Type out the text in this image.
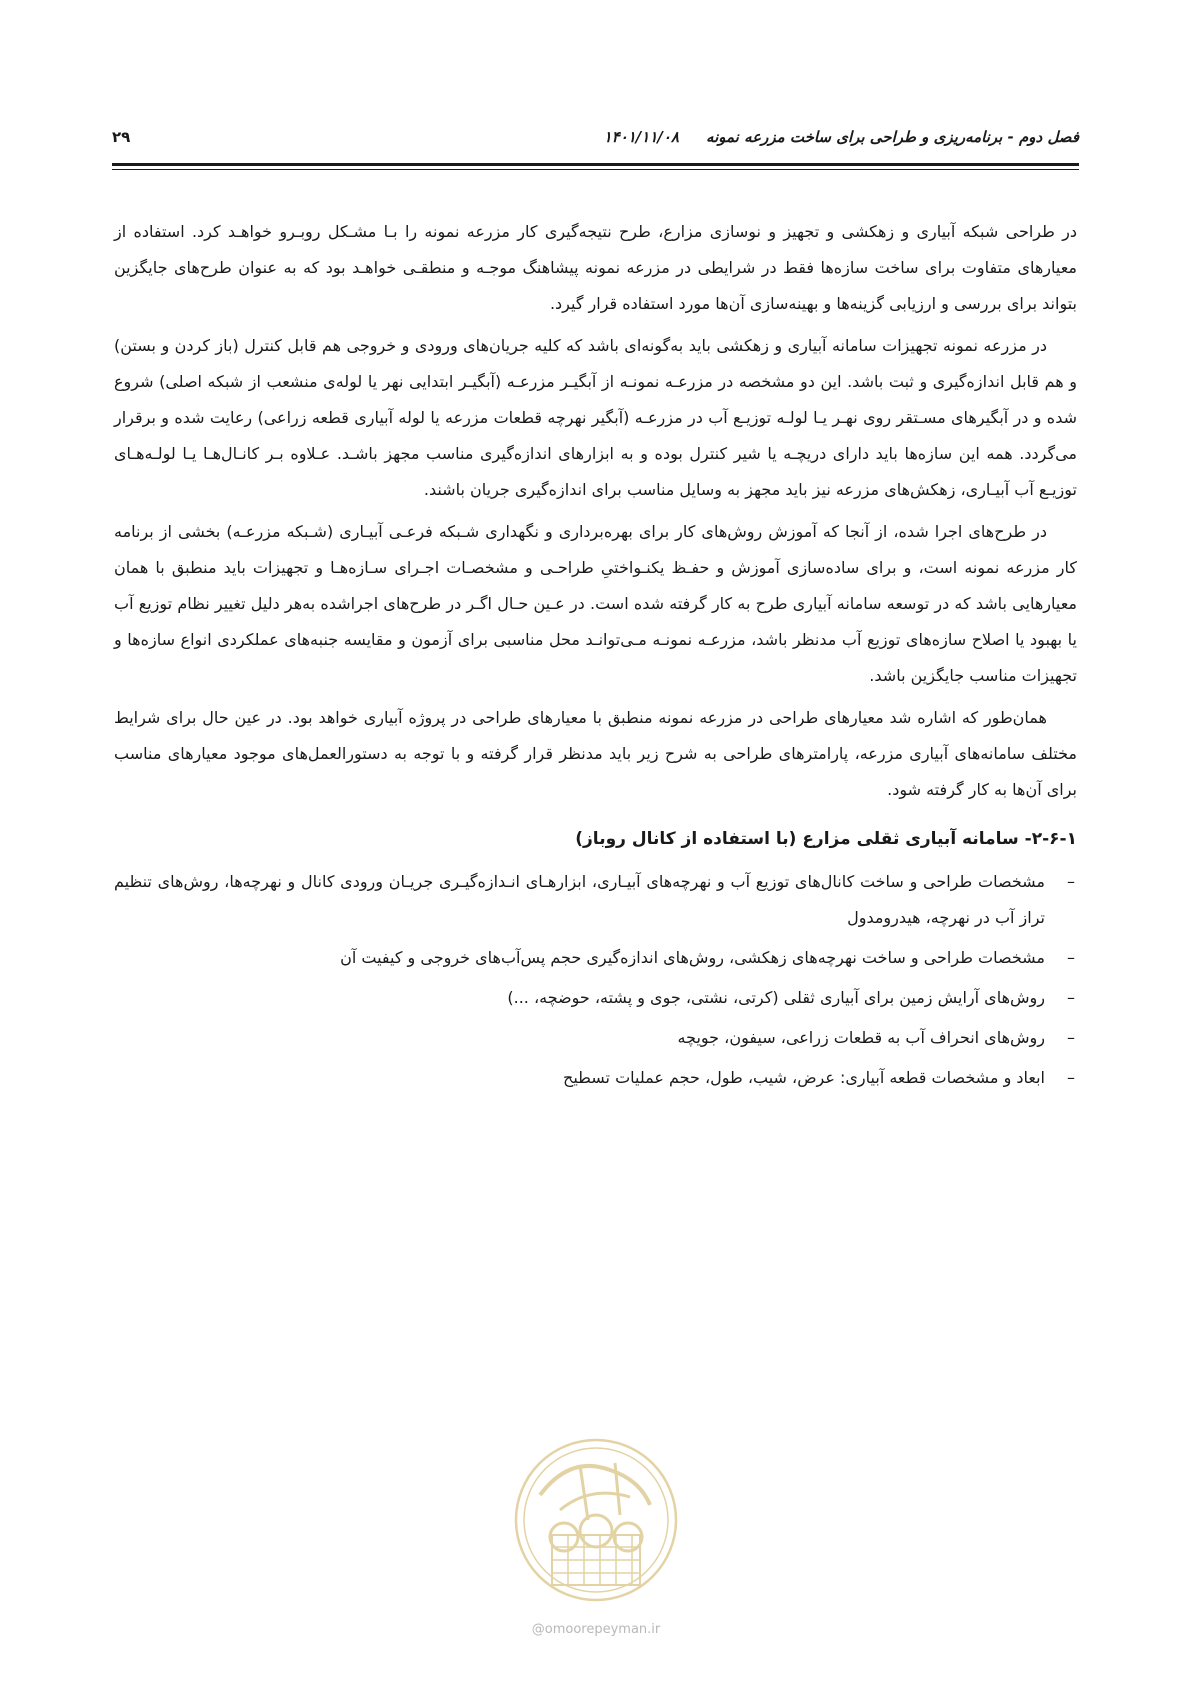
فصل دوم - برنامه‌ریزی و طراحی برای ساخت مزرعه نمونه
۱۴۰۱/۱۱/۰۸
۲۹

در طراحی شبکه آبیاری و زهکشی و تجهیز و نوسازی مزارع، طرح نتیجه‌گیری کار مزرعه نمونه را بـا مشـکل روبـرو خواهـد کرد. استفاده از معیارهای متفاوت برای ساخت سازه‌ها فقط در شرایطی در مزرعه نمونه پیشاهنگ موجـه و منطقـی خواهـد بود که به عنوان طرح‌های جایگزین بتواند برای بررسی و ارزیابی گزینه‌ها و بهینه‌سازی آن‌ها مورد استفاده قرار گیرد.

در مزرعه نمونه تجهیزات سامانه آبیاری و زهکشی باید به‌گونه‌ای باشد که کلیه جریان‌های ورودی و خروجی هم قابل کنترل (باز کردن و بستن) و هم قابل اندازه‌گیری و ثبت باشد. این دو مشخصه در مزرعـه نمونـه از آبگیـر مزرعـه (آبگیـر ابتدایی نهر یا لوله‌ی منشعب از شبکه اصلی) شروع شده و در آبگیرهای مسـتقر روی نهـر یـا لولـه توزیـع آب در مزرعـه (آبگیر نهرچه قطعات مزرعه یا لوله آبیاری قطعه زراعی) رعایت شده و برقرار می‌گردد. همه این سازه‌ها باید دارای دریچـه یا شیر کنترل بوده و به ابزارهای اندازه‌گیری مناسب مجهز باشـد. عـلاوه بـر کانـال‌هـا یـا لولـه‌هـای توزیـع آب آبیـاری، زهکش‌های مزرعه نیز باید مجهز به وسایل مناسب برای اندازه‌گیری جریان باشند.

در طرح‌های اجرا شده، از آنجا که آموزش روش‌های کار برای بهره‌برداری و نگهداری شـبکه فرعـی آبیـاری (شـبکه مزرعـه) بخشی از برنامه کار مزرعه نمونه است، و برای ساده‌سازی آموزش و حفـظ یکنـواختیِ طراحـی و مشخصـات اجـرای سـازه‌هـا و تجهیزات باید منطبق با همان معیارهایی باشد که در توسعه سامانه آبیاری طرح به کار گرفته شده است. در عـین حـال اگـر در طرح‌های اجراشده به‌هر دلیل تغییر نظام توزیع آب یا بهبود یا اصلاح سازه‌های توزیع آب مدنظر باشد، مزرعـه نمونـه مـی‌توانـد محل مناسبی برای آزمون و مقایسه جنبه‌های عملکردی انواع سازه‌ها و تجهیزات مناسب جایگزین باشد.

همان‌طور که اشاره شد معیارهای طراحی در مزرعه نمونه منطبق با معیارهای طراحی در پروژه آبیاری خواهد بود. در عین حال برای شرایط مختلف سامانه‌های آبیاری مزرعه، پارامترهای طراحی به شرح زیر باید مدنظر قرار گرفته و با توجه به دستورالعمل‌های موجود معیارهای مناسب برای آن‌ها به کار گرفته شود.

۲-۶-۱- سامانه آبیاری ثقلی مزارع (با استفاده از کانال روباز)
–
مشخصات طراحی و ساخت کانال‌های توزیع آب و نهرچه‌های آبیـاری، ابزارهـای انـدازه‌گیـری جریـان ورودی کانال و نهرچه‌ها، روش‌های تنظیم تراز آب در نهرچه، هیدرومدول
–
مشخصات طراحی و ساخت نهرچه‌های زهکشی، روش‌های اندازه‌گیری حجم پس‌آب‌های خروجی و کیفیت آن
–
روش‌های آرایش زمین برای آبیاری ثقلی (کرتی، نشتی، جوی و پشته، حوضچه، ...)
–
روش‌های انحراف آب به قطعات زراعی، سیفون، جویچه
–
ابعاد و مشخصات قطعه آبیاری: عرض، شیب، طول، حجم عملیات تسطیح
@omoorepeyman.ir
